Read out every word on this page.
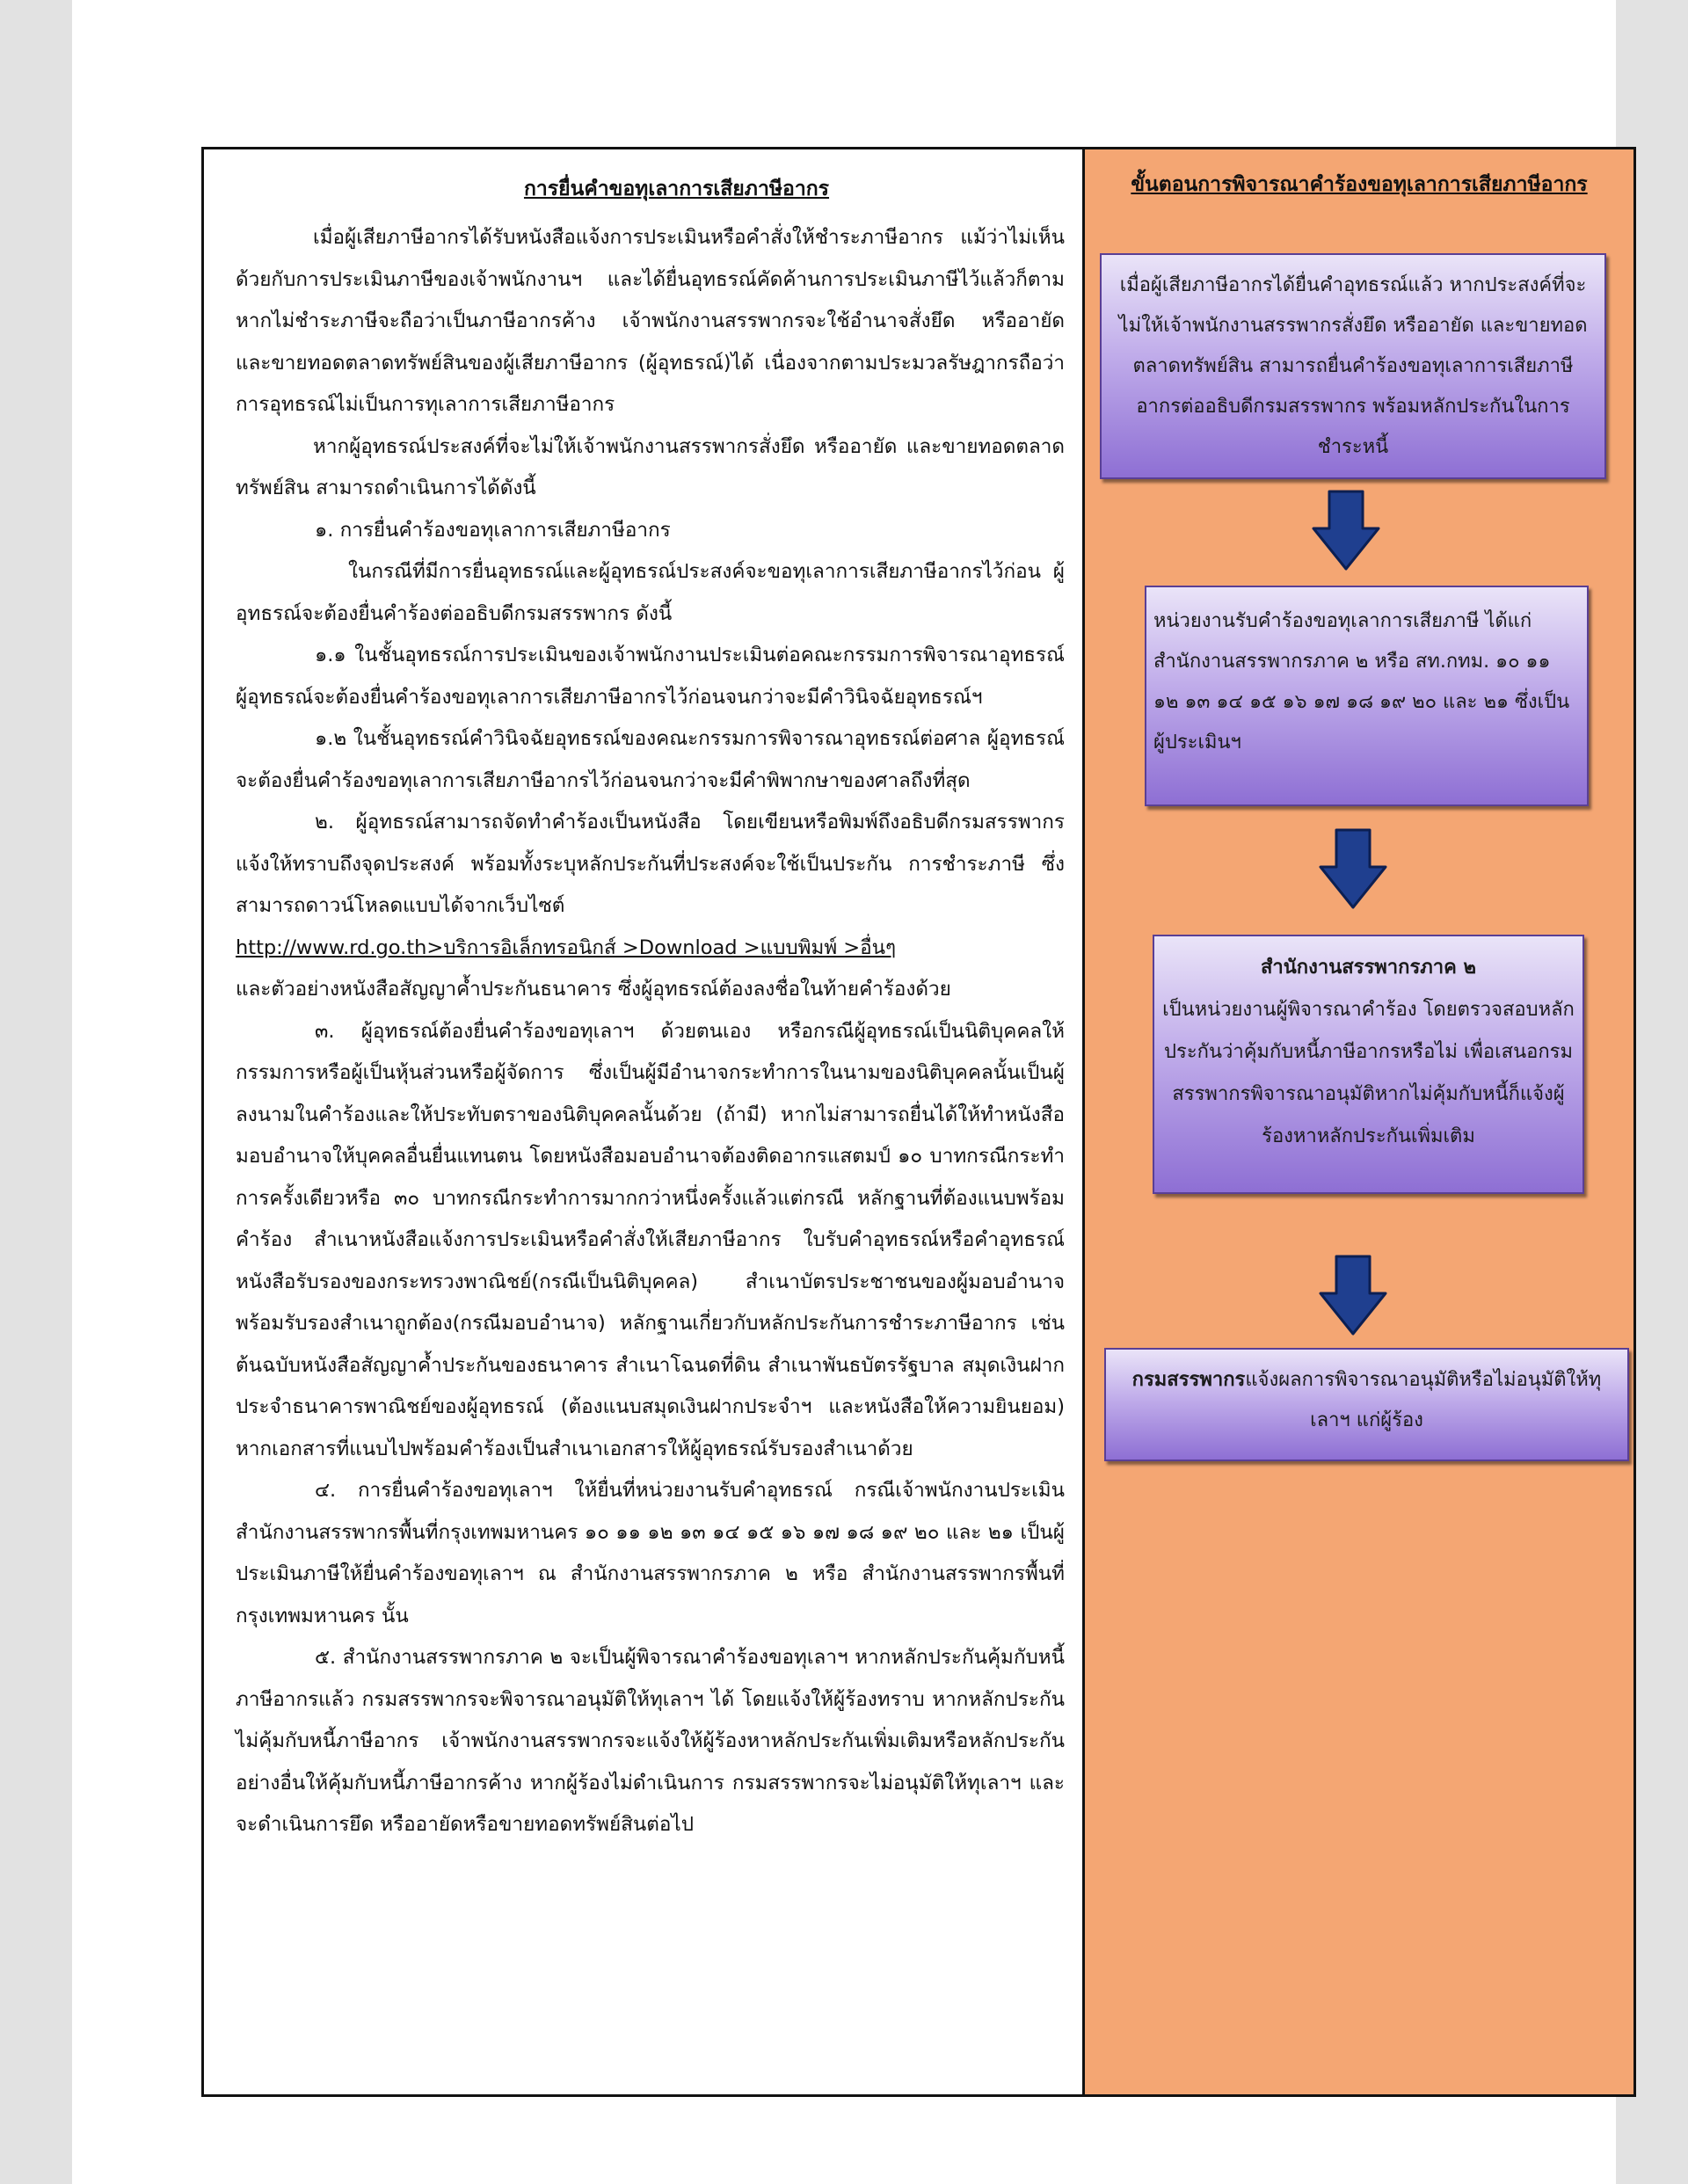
การยื่นคำขอทุเลาการเสียภาษีอากร

เมื่อผู้เสียภาษีอากรได้รับหนังสือแจ้งการประเมินหรือคำสั่งให้ชำระภาษีอากร แม้ว่าไม่เห็นด้วยกับการประเมินภาษีของเจ้าพนักงานฯ และได้ยื่นอุทธรณ์คัดค้านการประเมินภาษีไว้แล้วก็ตาม หากไม่ชำระภาษีจะถือว่าเป็นภาษีอากรค้าง เจ้าพนักงานสรรพากรจะใช้อำนาจสั่งยึด หรืออายัด และขายทอดตลาดทรัพย์สินของผู้เสียภาษีอากร (ผู้อุทธรณ์)ได้ เนื่องจากตามประมวลรัษฎากรถือว่าการอุทธรณ์ไม่เป็นการทุเลาการเสียภาษีอากร

หากผู้อุทธรณ์ประสงค์ที่จะไม่ให้เจ้าพนักงานสรรพากรสั่งยึด หรืออายัด และขายทอดตลาดทรัพย์สิน สามารถดำเนินการได้ดังนี้

๑. การยื่นคำร้องขอทุเลาการเสียภาษีอากร

ในกรณีที่มีการยื่นอุทธรณ์และผู้อุทธรณ์ประสงค์จะขอทุเลาการเสียภาษีอากรไว้ก่อน ผู้อุทธรณ์จะต้องยื่นคำร้องต่ออธิบดีกรมสรรพากร ดังนี้

๑.๑ ในชั้นอุทธรณ์การประเมินของเจ้าพนักงานประเมินต่อคณะกรรมการพิจารณาอุทธรณ์ ผู้อุทธรณ์จะต้องยื่นคำร้องขอทุเลาการเสียภาษีอากรไว้ก่อนจนกว่าจะมีคำวินิจฉัยอุทธรณ์ฯ

๑.๒ ในชั้นอุทธรณ์คำวินิจฉัยอุทธรณ์ของคณะกรรมการพิจารณาอุทธรณ์ต่อศาล ผู้อุทธรณ์จะต้องยื่นคำร้องขอทุเลาการเสียภาษีอากรไว้ก่อนจนกว่าจะมีคำพิพากษาของศาลถึงที่สุด

๒. ผู้อุทธรณ์สามารถจัดทำคำร้องเป็นหนังสือ โดยเขียนหรือพิมพ์ถึงอธิบดีกรมสรรพากร แจ้งให้ทราบถึงจุดประสงค์ พร้อมทั้งระบุหลักประกันที่ประสงค์จะใช้เป็นประกัน การชำระภาษี ซึ่งสามารถดาวน์โหลดแบบได้จากเว็บไซต์

http://www.rd.go.th>บริการอิเล็กทรอนิกส์ >Download >แบบพิมพ์ >อื่นๆ

และตัวอย่างหนังสือสัญญาค้ำประกันธนาคาร ซึ่งผู้อุทธรณ์ต้องลงชื่อในท้ายคำร้องด้วย

๓. ผู้อุทธรณ์ต้องยื่นคำร้องขอทุเลาฯ ด้วยตนเอง หรือกรณีผู้อุทธรณ์เป็นนิติบุคคลให้กรรมการหรือผู้เป็นหุ้นส่วนหรือผู้จัดการ ซึ่งเป็นผู้มีอำนาจกระทำการในนามของนิติบุคคลนั้นเป็นผู้ลงนามในคำร้องและให้ประทับตราของนิติบุคคลนั้นด้วย (ถ้ามี) หากไม่สามารถยื่นได้ให้ทำหนังสือมอบอำนาจให้บุคคลอื่นยื่นแทนตน โดยหนังสือมอบอำนาจต้องติดอากรแสตมป์ ๑๐ บาทกรณีกระทำการครั้งเดียวหรือ ๓๐ บาทกรณีกระทำการมากกว่าหนึ่งครั้งแล้วแต่กรณี หลักฐานที่ต้องแนบพร้อมคำร้อง สำเนาหนังสือแจ้งการประเมินหรือคำสั่งให้เสียภาษีอากร ใบรับคำอุทธรณ์หรือคำอุทธรณ์ หนังสือรับรองของกระทรวงพาณิชย์(กรณีเป็นนิติบุคคล) สำเนาบัตรประชาชนของผู้มอบอำนาจพร้อมรับรองสำเนาถูกต้อง(กรณีมอบอำนาจ) หลักฐานเกี่ยวกับหลักประกันการชำระภาษีอากร เช่น ต้นฉบับหนังสือสัญญาค้ำประกันของธนาคาร สำเนาโฉนดที่ดิน สำเนาพันธบัตรรัฐบาล สมุดเงินฝากประจำธนาคารพาณิชย์ของผู้อุทธรณ์ (ต้องแนบสมุดเงินฝากประจำฯ และหนังสือให้ความยินยอม) หากเอกสารที่แนบไปพร้อมคำร้องเป็นสำเนาเอกสารให้ผู้อุทธรณ์รับรองสำเนาด้วย

๔. การยื่นคำร้องขอทุเลาฯ ให้ยื่นที่หน่วยงานรับคำอุทธรณ์ กรณีเจ้าพนักงานประเมินสำนักงานสรรพากรพื้นที่กรุงเทพมหานคร ๑๐ ๑๑ ๑๒ ๑๓ ๑๔ ๑๕ ๑๖ ๑๗ ๑๘ ๑๙ ๒๐ และ ๒๑ เป็นผู้ประเมินภาษีให้ยื่นคำร้องขอทุเลาฯ ณ สำนักงานสรรพากรภาค ๒ หรือ สำนักงานสรรพากรพื้นที่กรุงเทพมหานคร นั้น

๕. สำนักงานสรรพากรภาค ๒ จะเป็นผู้พิจารณาคำร้องขอทุเลาฯ หากหลักประกันคุ้มกับหนี้ภาษีอากรแล้ว กรมสรรพากรจะพิจารณาอนุมัติให้ทุเลาฯ ได้ โดยแจ้งให้ผู้ร้องทราบ หากหลักประกันไม่คุ้มกับหนี้ภาษีอากร เจ้าพนักงานสรรพากรจะแจ้งให้ผู้ร้องหาหลักประกันเพิ่มเติมหรือหลักประกันอย่างอื่นให้คุ้มกับหนี้ภาษีอากรค้าง หากผู้ร้องไม่ดำเนินการ กรมสรรพากรจะไม่อนุมัติให้ทุเลาฯ และจะดำเนินการยึด หรืออายัดหรือขายทอดทรัพย์สินต่อไป

ขั้นตอนการพิจารณาคำร้องขอทุเลาการเสียภาษีอากร
เมื่อผู้เสียภาษีอากรได้ยื่นคำอุทธรณ์แล้ว หากประสงค์ที่จะไม่ให้เจ้าพนักงานสรรพากรสั่งยึด หรืออายัด และขายทอดตลาดทรัพย์สิน สามารถยื่นคำร้องขอทุเลาการเสียภาษีอากรต่ออธิบดีกรมสรรพากร พร้อมหลักประกันในการชำระหนี้
หน่วยงานรับคำร้องขอทุเลาการเสียภาษี ได้แก่ สำนักงานสรรพากรภาค ๒ หรือ สท.กทม. ๑๐ ๑๑ ๑๒ ๑๓ ๑๔ ๑๕ ๑๖ ๑๗ ๑๘ ๑๙ ๒๐ และ ๒๑ ซึ่งเป็นผู้ประเมินฯ
สำนักงานสรรพากรภาค ๒
เป็นหน่วยงานผู้พิจารณาคำร้อง โดยตรวจสอบหลักประกันว่าคุ้มกับหนี้ภาษีอากรหรือไม่ เพื่อเสนอกรมสรรพากรพิจารณาอนุมัติหากไม่คุ้มกับหนี้ก็แจ้งผู้ร้องหาหลักประกันเพิ่มเติม
กรมสรรพากรแจ้งผลการพิจารณาอนุมัติหรือไม่อนุมัติให้ทุเลาฯ แก่ผู้ร้อง
